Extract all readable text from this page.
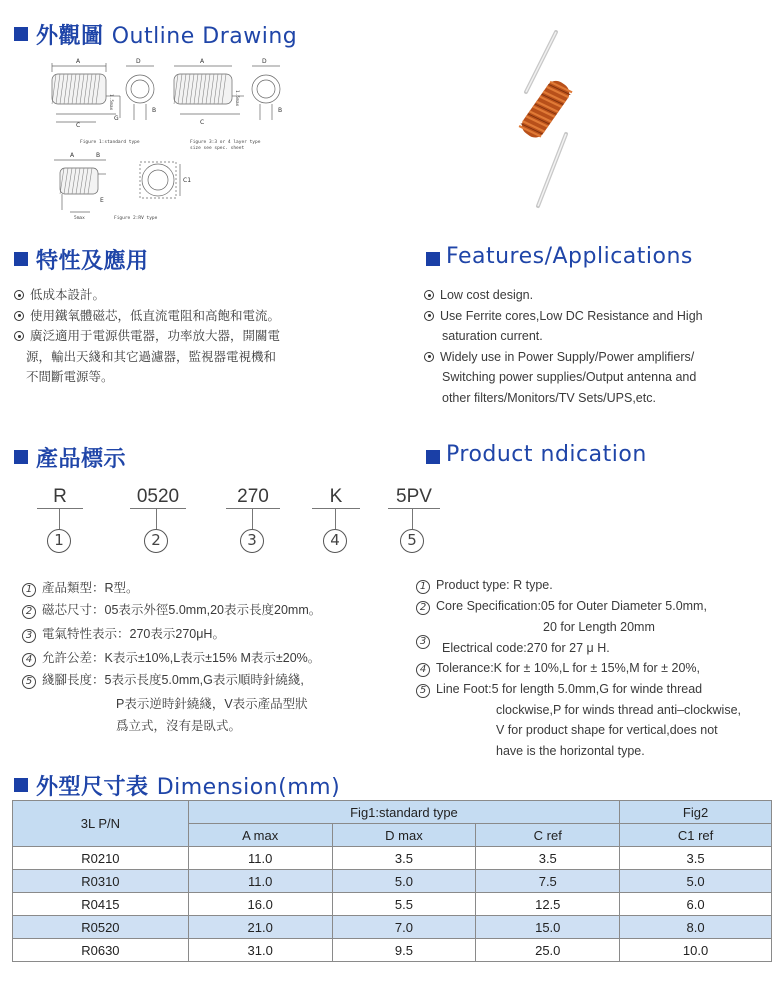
外觀圖 Outline Drawing
A	D
C
G
B
A	D
C
B
A	B
E
C1
1.5max	1.5max
5max
Figure 1:standard type	Figure 3:3 or 4 layer type
size see spec. sheet
Figure 2:RV type
特性及應用	Features/Applications
低成本設計。
使用鐵氧體磁芯，低直流電阻和高飽和電流。
廣泛適用于電源供電器，功率放大器，開關電
源，輸出天綫和其它過濾器，監視器電視機和
不間斷電源等。
Low cost design.
Use Ferrite cores,Low DC Resistance and High
saturation current.
Widely use in Power Supply/Power amplifiers/
Switching power supplies/Output antenna and
other filters/Monitors/TV Sets/UPS,etc.
產品標示	Product ndication
R	0520	270	K	5PV
1	2	3	4	5
1 產品類型：R型。
2 磁芯尺寸：05表示外徑5.0mm,20表示長度20mm。
3 電氣特性表示：270表示270μH。
4 允許公差：K表示±10%,L表示±15% M表示±20%。
5 綫腳長度：5表示長度5.0mm,G表示順時針繞綫,
P表示逆時針繞綫，V表示產品型狀
爲立式，沒有是臥式。
1 Product type: R type.
2 Core Specification:05 for Outer Diameter 5.0mm,
20 for Length 20mm
3	Electrical code:270 for 27 μ H.
4 Tolerance:K for ± 10%,L for ± 15%,M for ± 20%,
5 Line Foot:5 for length 5.0mm,G for winde thread
clockwise,P for winds thread anti–clockwise,
V for product shape for vertical,does not
have is the horizontal type.
外型尺寸表 Dimension(mm)
3L P/N	Fig1:standard type			Fig2
	A max	D max	C ref	C1 ref
R0210	11.0	3.5	3.5	3.5
R0310	11.0	5.0	7.5	5.0
R0415	16.0	5.5	12.5	6.0
R0520	21.0	7.0	15.0	8.0
R0630	31.0	9.5	25.0	10.0
